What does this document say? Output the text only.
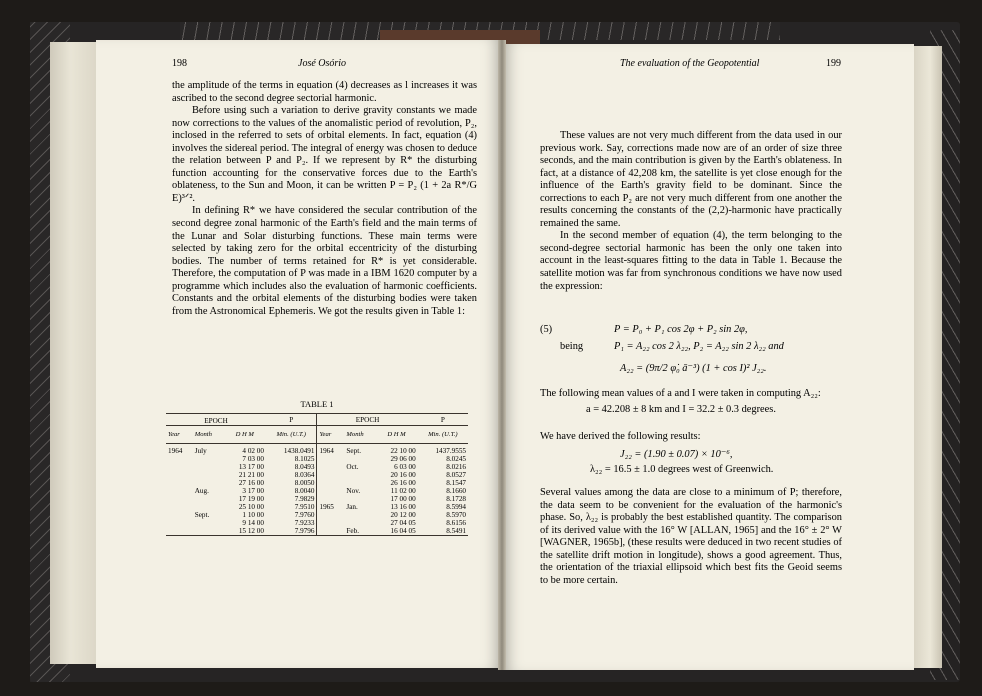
198	José Osório

the amplitude of the terms in equation (4) decreases as l increases it was ascribed to the second degree sectorial harmonic.

Before using such a variation to derive gravity constants we made now corrections to the values of the anomalistic period of revolution, P₂, inclosed in the referred to sets of orbital elements. In fact, equation (4) involves the sidereal period. The integral of energy was chosen to deduce the relation between P and P₂. If we represent by R* the disturbing function accounting for the conservative forces due to the Earth's oblateness, to the Sun and Moon, it can be written P = P₂ (1 + 2a R*/G E)³ᐟ².

In defining R* we have considered the secular contribution of the second degree zonal harmonic of the Earth's field and the main terms of the Lunar and Solar disturbing functions. These main terms were selected by taking zero for the orbital eccentricity of the disturbing bodies. The number of terms retained for R* is yet considerable. Therefore, the computation of P was made in a IBM 1620 computer by a programme which includes also the evaluation of harmonic coefficients. Constants and the orbital elements of the disturbing bodies were taken from the Astronomical Ephemeris. We got the results given in Table 1:

TABLE 1
EPOCH			P	EPOCH			P
Year	Month	D H M	Min. (U.T.)	Year	Month	D H M	Min. (U.T.)
1964	July	4 02 00	1438.0491	1964	Sept.	22 10 00	1437.9555
		7 03 00	8.1025			29 06 00	8.0245
		13 17 00	8.0493		Oct.	6 03 00	8.0216
		21 21 00	8.0364			20 16 00	8.0527
		27 16 00	8.0050			26 16 00	8.1547
	Aug.	3 17 00	8.0040		Nov.	11 02 00	8.1660
		17 19 00	7.9829			17 00 00	8.1728
		25 10 00	7.9510	1965	Jan.	13 16 00	8.5994
	Sept.	1 10 00	7.9760			20 12 00	8.5970
		9 14 00	7.9233			27 04 05	8.6156
		15 12 00	7.9796		Feb.	16 04 05	8.5491

The evaluation of the Geopotential	199

These values are not very much different from the data used in our previous work. Say, corrections made now are of an order of size three seconds, and the main contribution is given by the Earth's oblateness. In fact, at a distance of 42,208 km, the satellite is yet close enough for the influence of the Earth's gravity field to be dominant. Since the corrections to each P₂ are not very much different from one another the results concerning the constants of the (2,2)-harmonic have practically remained the same.

In the second member of equation (4), the term belonging to the second-degree sectorial harmonic has been the only one taken into account in the least-squares fitting to the data in Table 1. Because the satellite motion was far from synchronous conditions we have now used the expression:

(5)	P = P₀ + P₁ cos 2φ + P₂ sin 2φ,
being	P₁ = A₂₂ cos 2 λ₂₂, P₂ = A₂₂ sin 2 λ₂₂ and
A₂₂ = (9π/2 φ̇₀ ā⁻³) (1 + cos I)² J₂₂.
The following mean values of a and I were taken in computing A₂₂:
a = 42.208 ± 8 km and I = 32.2 ± 0.3 degrees.
We have derived the following results:
J₂₂ = (1.90 ± 0.07) × 10⁻⁶,
λ₂₂ = 16.5 ± 1.0 degrees west of Greenwich.
Several values among the data are close to a minimum of P; therefore, the data seem to be convenient for the evaluation of the harmonic's phase. So, λ₂₂ is probably the best established quantity. The comparison of its derived value with the 16° W [ALLAN, 1965] and the 16° ± 2° W [WAGNER, 1965b], (these results were deduced in two recent studies of the satellite drift motion in longitude), shows a good agreement. Thus, the orientation of the triaxial ellipsoid which best fits the Geoid seems to be more certain.
